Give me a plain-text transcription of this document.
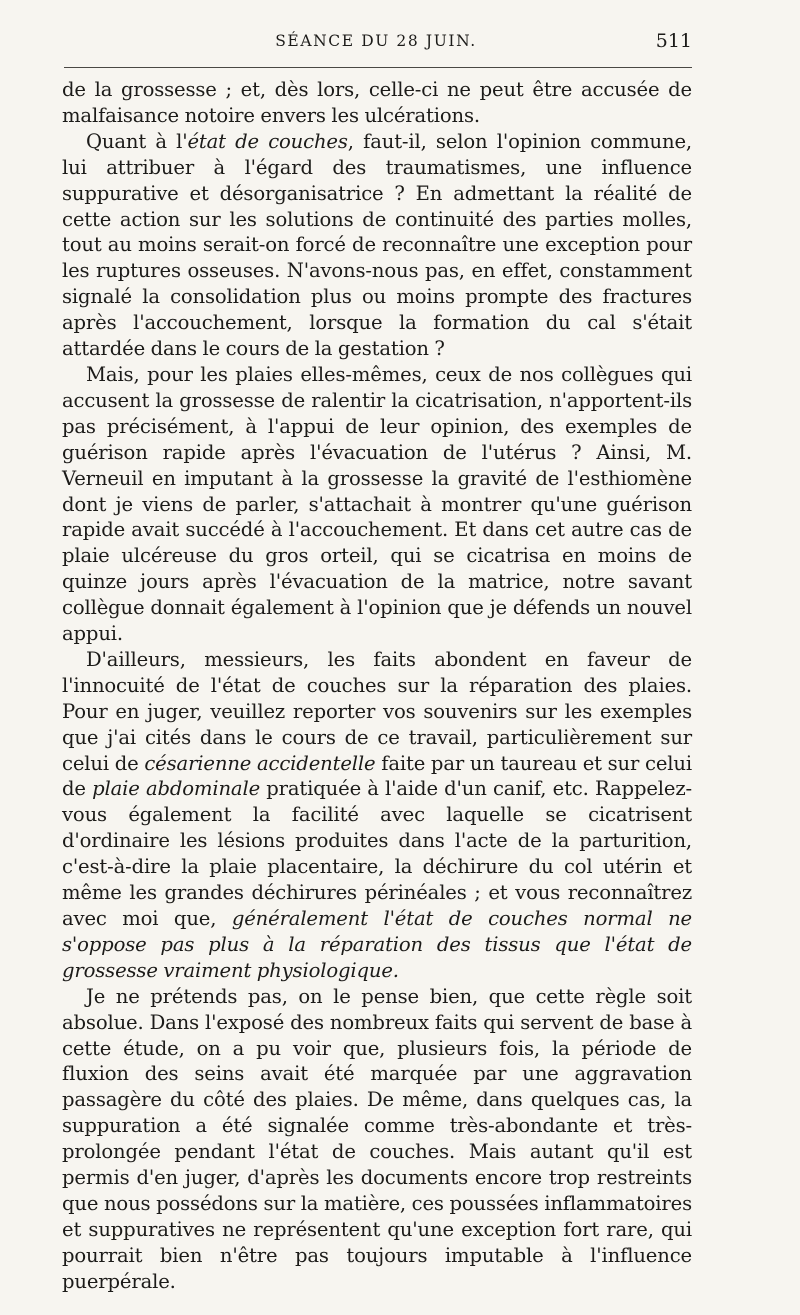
SÉANCE DU 28 JUIN.	511

de la grossesse ; et, dès lors, celle-ci ne peut être accusée de malfaisance notoire envers les ulcérations.

Quant à l'état de couches, faut-il, selon l'opinion commune, lui attribuer à l'égard des traumatismes, une influence suppurative et désorganisatrice ? En admettant la réalité de cette action sur les solutions de continuité des parties molles, tout au moins serait-on forcé de reconnaître une exception pour les ruptures osseuses. N'avons-nous pas, en effet, constamment signalé la consolidation plus ou moins prompte des fractures après l'accouchement, lorsque la formation du cal s'était attardée dans le cours de la gestation ?

Mais, pour les plaies elles-mêmes, ceux de nos collègues qui accusent la grossesse de ralentir la cicatrisation, n'apportent-ils pas précisément, à l'appui de leur opinion, des exemples de guérison rapide après l'évacuation de l'utérus ? Ainsi, M. Verneuil en imputant à la grossesse la gravité de l'esthiomène dont je viens de parler, s'attachait à montrer qu'une guérison rapide avait succédé à l'accouchement. Et dans cet autre cas de plaie ulcéreuse du gros orteil, qui se cicatrisa en moins de quinze jours après l'évacuation de la matrice, notre savant collègue donnait également à l'opinion que je défends un nouvel appui.

D'ailleurs, messieurs, les faits abondent en faveur de l'innocuité de l'état de couches sur la réparation des plaies. Pour en juger, veuillez reporter vos souvenirs sur les exemples que j'ai cités dans le cours de ce travail, particulièrement sur celui de césarienne accidentelle faite par un taureau et sur celui de plaie abdominale pratiquée à l'aide d'un canif, etc. Rappelez-vous également la facilité avec laquelle se cicatrisent d'ordinaire les lésions produites dans l'acte de la parturition, c'est-à-dire la plaie placentaire, la déchirure du col utérin et même les grandes déchirures périnéales ; et vous reconnaîtrez avec moi que, généralement l'état de couches normal ne s'oppose pas plus à la réparation des tissus que l'état de grossesse vraiment physiologique.

Je ne prétends pas, on le pense bien, que cette règle soit absolue. Dans l'exposé des nombreux faits qui servent de base à cette étude, on a pu voir que, plusieurs fois, la période de fluxion des seins avait été marquée par une aggravation passagère du côté des plaies. De même, dans quelques cas, la suppuration a été signalée comme très-abondante et très-prolongée pendant l'état de couches. Mais autant qu'il est permis d'en juger, d'après les documents encore trop restreints que nous possédons sur la matière, ces poussées inflammatoires et suppuratives ne représentent qu'une exception fort rare, qui pourrait bien n'être pas toujours imputable à l'influence puerpérale.
